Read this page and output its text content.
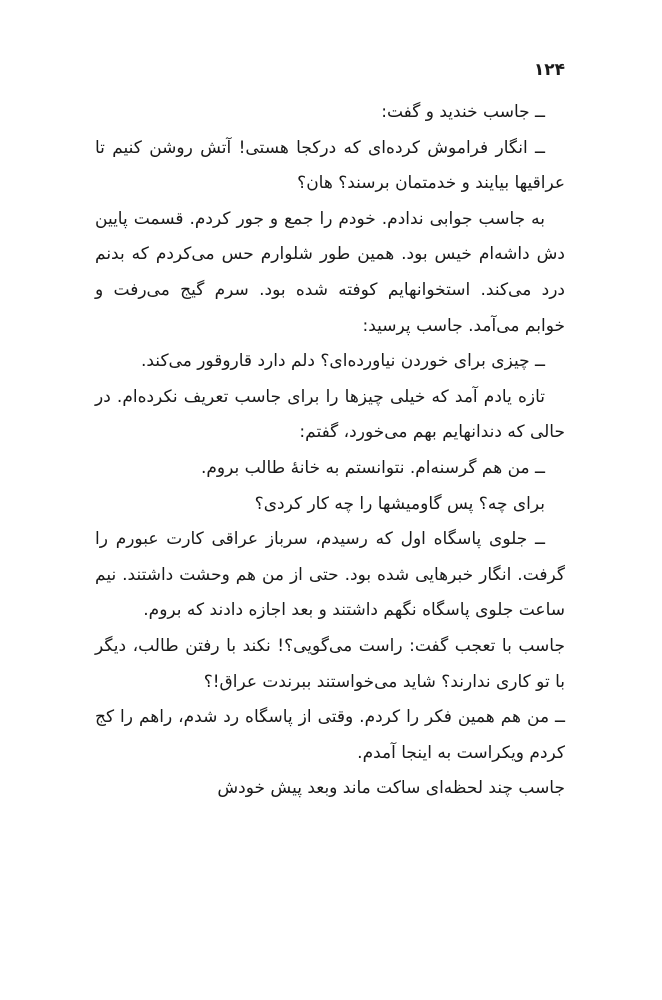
۱۲۴

ــ جاسب خندید و گفت:

ــ انگار فراموش کرده‌ای که درکجا هستی! آتش روشن کنیم تا عراقیها بیایند و خدمتمان برسند؟ هان؟

به جاسب جوابی ندادم. خودم را جمع و جور کردم. قسمت پایین دش داشه‌ام خیس بود. همین طور شلوارم حس می‌کردم که بدنم درد می‌کند. استخوانهایم کوفته شده بود. سرم گیج می‌رفت و خوابم می‌آمد. جاسب پرسید:

ــ چیزی برای خوردن نیاورده‌ای؟ دلم دارد قاروقور می‌کند.

تازه یادم آمد که خیلی چیزها را برای جاسب تعریف نکرده‌ام. در حالی که دندانهایم بهم می‌خورد، گفتم:

ــ من هم گرسنه‌ام. نتوانستم به خانهٔ طالب بروم.

برای چه؟ پس گاومیشها را چه کار کردی؟

ــ جلوی پاسگاه اول که رسیدم، سرباز عراقی کارت عبورم را گرفت. انگار خبرهایی شده بود. حتی از من هم وحشت داشتند. نیم ساعت جلوی پاسگاه نگهم داشتند و بعد اجازه دادند که بروم.

جاسب با تعجب گفت: راست می‌گویی؟! نکند با رفتن طالب، دیگر با تو کاری ندارند؟ شاید می‌خواستند ببرندت عراق!؟

ــ من هم همین فکر را کردم. وقتی از پاسگاه رد شدم، راهم را کج کردم ویکراست به اینجا آمدم.

جاسب چند لحظه‌ای ساکت ماند وبعد پیش خودش
